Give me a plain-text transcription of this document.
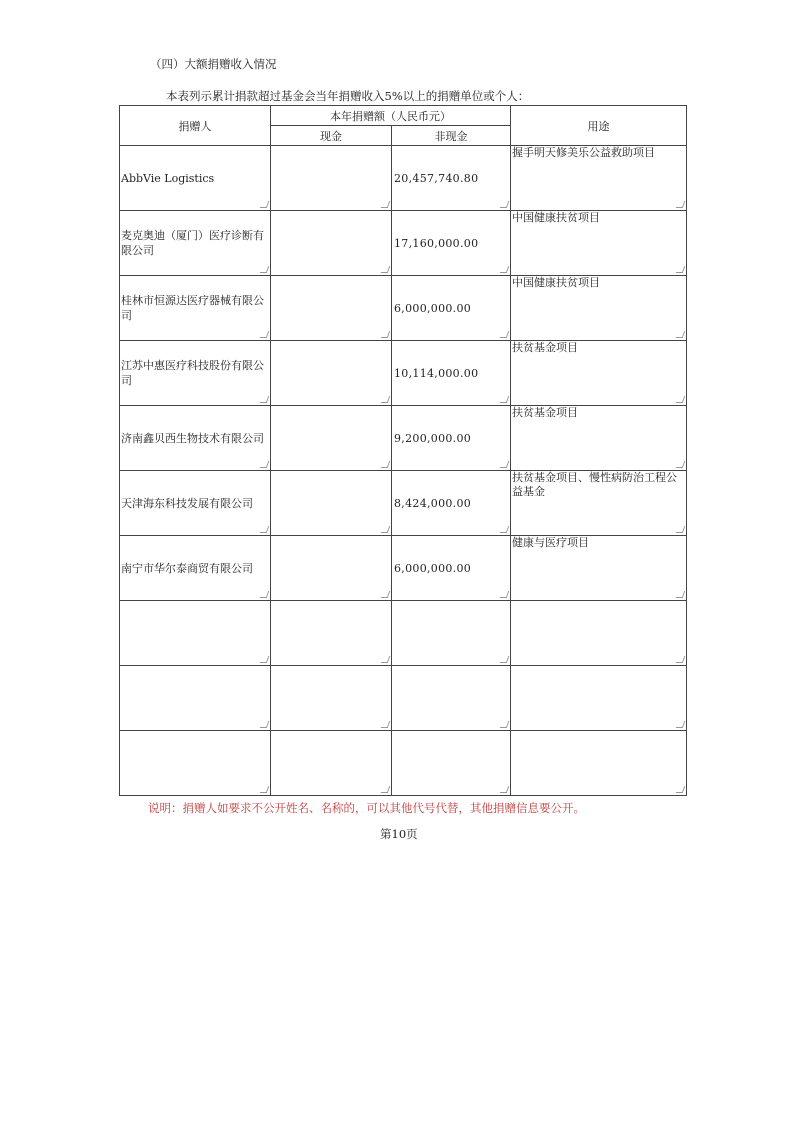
（四）大额捐赠收入情况
本表列示累计捐款超过基金会当年捐赠收入5%以上的捐赠单位或个人：
捐赠人	本年捐赠额（人民币元）		用途
	现金	非现金	
AbbVie Logistics		20,457,740.80	握手明天修美乐公益救助项目
麦克奥迪（厦门）医疗诊断有限公司		17,160,000.00	中国健康扶贫项目
桂林市恒源达医疗器械有限公司		6,000,000.00	中国健康扶贫项目
江苏中惠医疗科技股份有限公司		10,114,000.00	扶贫基金项目
济南鑫贝西生物技术有限公司		9,200,000.00	扶贫基金项目
天津海东科技发展有限公司		8,424,000.00	扶贫基金项目、慢性病防治工程公益基金
南宁市华尔泰商贸有限公司		6,000,000.00	健康与医疗项目

说明：捐赠人如要求不公开姓名、名称的，可以其他代号代替，其他捐赠信息要公开。
第10页
